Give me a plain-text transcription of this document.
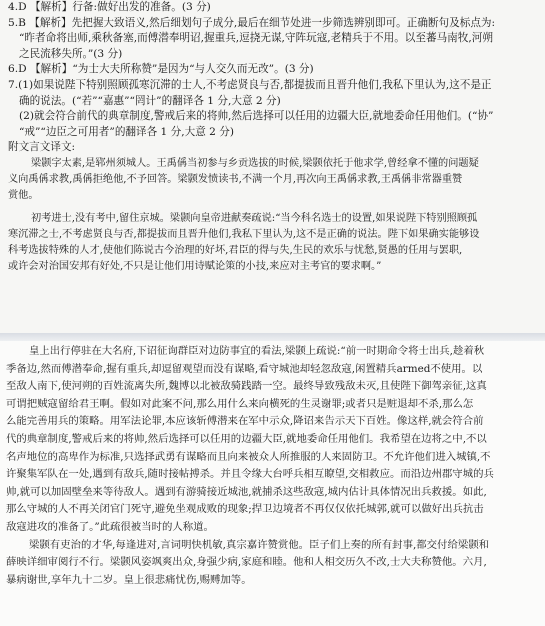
4.D 【解析】行备:做好出发的准备。(3 分)
5.B 【解析】先把握大致语义,然后细划句子成分,最后在细节处进一步筛选辨别即可。正确断句及标点为:
“昨者命将出师,乘秋备塞,而傅潜奉明诏,握重兵,逗挠无谋,守阵玩寇,老精兵于不用。以至蕃马南牧,河朔
之民流移失所。”(3 分)
6.D 【解析】“为士大夫所称赞”是因为“与人交久而无改”。(3 分)
7.(1)如果说陛下特别照顾孤寒沉滞的士人,不考虑贤良与否,都提拔而且晋升他们,我私下里认为,这不是正
确的说法。(“若”“嘉惠”“罔计”的翻译各 1 分,大意 2 分)
(2)就会符合前代的典章制度,警戒后来的将帅,然后选择可以任用的边疆大臣,就地委命任用他们。(“协”
“戒”“边臣之可用者”的翻译各 1 分,大意 2 分)
附文言文译文:
梁颢字太素,是郓州须城人。王禹偁当初参与乡贡选拔的时候,梁颢依托于他求学,曾经拿不懂的问题疑
义向禹偁求教,禹偁拒绝他,不予回答。梁颢发愤读书,不满一个月,再次向王禹偁求教,王禹偁非常器重赞
赏他。
初考进士,没有考中,留住京城。梁颢向皇帝进献奏疏说:“当今科名选士的设置,如果说陛下特别照顾孤
寒沉滞之士,不考虑贤良与否,都提拔而且晋升他们,我私下里认为,这不是正确的说法。陛下如果确实能够设
科考选拔特殊的人才,使他们陈说古今治理的好坏,君臣的得与失,生民的欢乐与忧愁,贤愚的任用与罢职,
或许会对治国安邦有好处,不只是让他们用诗赋论策的小技,来应对主考官的要求啊。”
皇上出行停驻在大名府,下诏征询群臣对边防事宜的看法,梁颢上疏说:“前一时期命令将士出兵,趁着秋
季备边,然而傅潜奉命,握有重兵,却逗留观望而没有谋略,看守城池却轻忽敌寇,闲置精兵armed不使用。以
至敌人南下,使河朔的百姓流离失所,魏博以北被敌骑践踏一空。最终导致残敌未灭,且使陛下御驾亲征,这真
可谓把贼寇留给君王啊。假如对此案不问,那么用什么来向横死的生灵谢罪;或者只是赃退却不杀,那么怎
么能完善用兵的策略。用军法论罪,本应该斩傅潜来在军中示众,降诏来告示天下百姓。像这样,就会符合前
代的典章制度,警戒后来的将帅,然后选择可以任用的边疆大臣,就地委命任用他们。我希望在边将之中,不以
名声地位的高卑作为标准,只选择武勇有谋略而且向来被众人所推服的人来固防卫。不允许他们进入城镇,不
许聚集军队在一处,遇到有敌兵,随时接帖搏杀。并且令缘大台呼兵相互瞭望,交相救应。而沿边州郡守城的兵
帅,就可以加固壁垒来等待敌人。遇到有游骑接近城池,就捕杀这些敌寇,城内估计具体情况出兵救援。如此,
那么守城的人不再关闭官门死守,避免坐观成败的现象;捍卫边境者不再仅仅依托城郭,就可以做好出兵抗击
敌寇进攻的准备了。”此疏很被当时的人称道。
梁颢有吏治的才华,每逢进对,言词明快机敏,真宗嘉许赞赏他。臣子们上奏的所有封事,都交付给梁颢和
薛映详细审阅行不行。梁颢风姿飒爽出众,身强少病,家庭和睦。他和人相交历久不改,士大夫称赞他。六月,
暴病谢世,享年九十二岁。皇上很悲痛忧伤,赐赙加等。
